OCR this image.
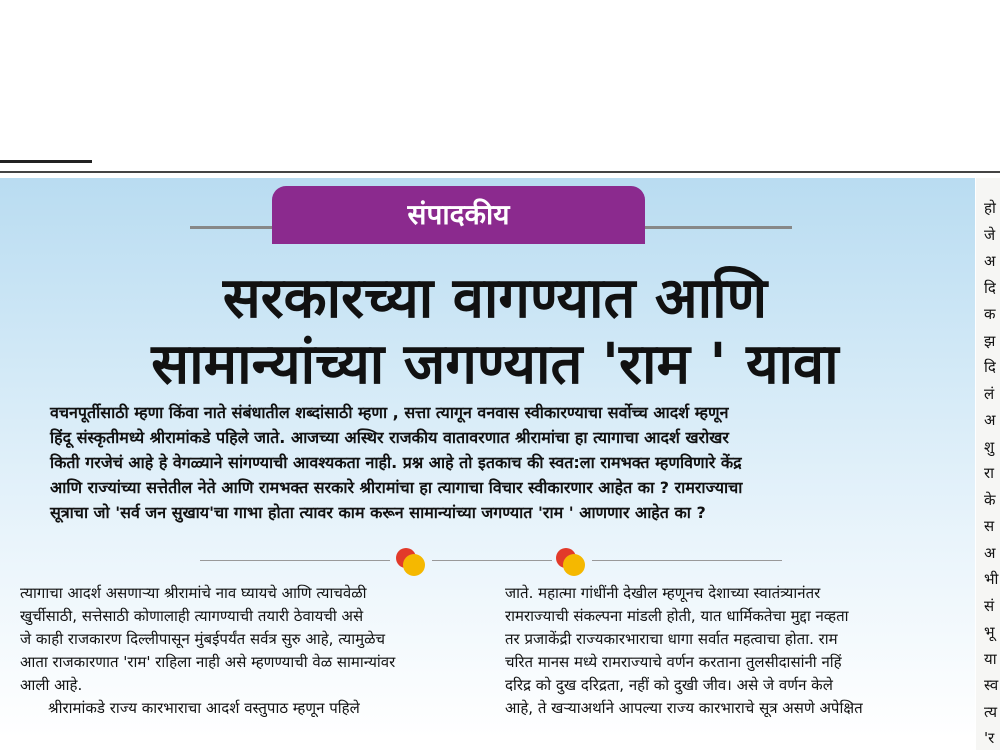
संपादकीय
सरकारच्या वागण्यात आणि
सामान्यांच्या जगण्यात 'राम ' यावा

वचनपूर्तीसाठी म्हणा किंवा नाते संबंधातील शब्दांसाठी म्हणा , सत्ता त्यागून वनवास स्वीकारण्याचा सर्वोच्च आदर्श म्हणून

हिंदू संस्कृतीमध्ये श्रीरामांकडे पहिले जाते. आजच्या अस्थिर राजकीय वातावरणात श्रीरामांचा हा त्यागाचा आदर्श खरोखर

किती गरजेचं आहे हे वेगळ्याने सांगण्याची आवश्यकता नाही. प्रश्न आहे तो इतकाच की स्वत:ला रामभक्त म्हणविणारे केंद्र

आणि राज्यांच्या सत्तेतील नेते आणि रामभक्त सरकारे श्रीरामांचा हा त्यागाचा विचार स्वीकारणार आहेत का ? रामराज्याचा

सूत्राचा जो 'सर्व जन सुखाय'चा गाभा होता त्यावर काम करून सामान्यांच्या जगण्यात 'राम ' आणणार आहेत का ?

त्यागाचा आदर्श असणाऱ्या श्रीरामांचे नाव घ्यायचे आणि त्याचवेळी

खुर्चीसाठी, सत्तेसाठी कोणालाही त्यागण्याची तयारी ठेवायची असे

जे काही राजकारण दिल्लीपासून मुंबईपर्यंत सर्वत्र सुरु आहे, त्यामुळेच

आता राजकारणात 'राम' राहिला नाही असे म्हणण्याची वेळ सामान्यांवर

आली आहे.

श्रीरामांकडे राज्य कारभाराचा आदर्श वस्तुपाठ म्हणून पहिले

जाते. महात्मा गांधींनी देखील म्हणूनच देशाच्या स्वातंत्र्यानंतर

रामराज्याची संकल्पना मांडली होती, यात धार्मिकतेचा मुद्दा नव्हता

तर प्रजाकेंद्री राज्यकारभाराचा धागा सर्वात महत्वाचा होता. राम

चरित मानस मध्ये रामराज्याचे वर्णन करताना तुलसीदासांनी नहिं

दरिद्र को दुख दरिद्रता, नहीं को दुखी जीव। असे जे वर्णन केले

आहे, ते खऱ्याअर्थाने आपल्या राज्य कारभाराचे सूत्र असणे अपेक्षित

हो
जे
अ
दि
क
झ
दि
लं
अ
शु
रा
के
स
अ
भी
सं
भू
या
स्व
त्य
'र
